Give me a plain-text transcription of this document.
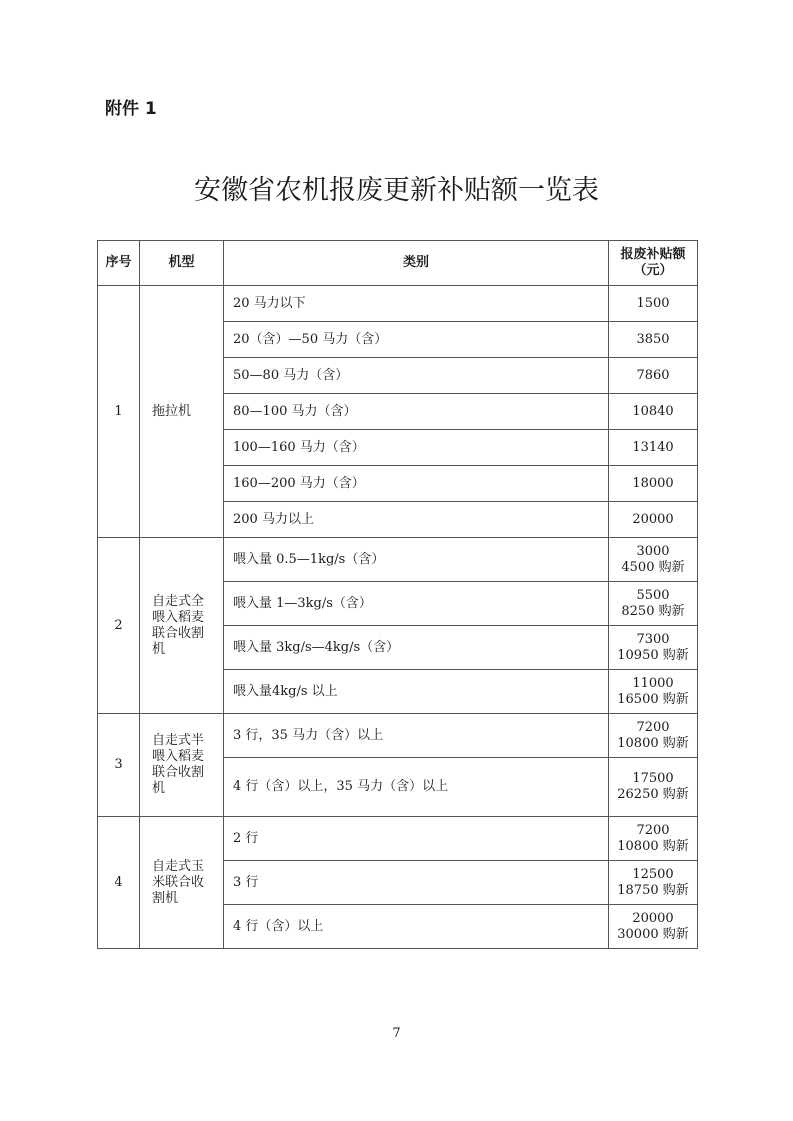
附件 1
安徽省农机报废更新补贴额一览表
序号	机型	类别	报废补贴额
（元）

1	拖拉机	20 马力以下	1500

		20（含）—50 马力（含）	3850

		50—80 马力（含）	7860

		80—100 马力（含）	10840

		100—160 马力（含）	13140

		160—200 马力（含）	18000

		200 马力以上	20000

2	自走式全喂入稻麦联合收割机	喂入量 0.5—1kg/s（含）	3000
4500 购新

		喂入量 1—3kg/s（含）	5500
8250 购新

		喂入量 3kg/s—4kg/s（含）	7300
10950 购新

		喂入量4kg/s 以上	11000
16500 购新

3	自走式半喂入稻麦联合收割机	3 行，35 马力（含）以上	7200
10800 购新

		4 行（含）以上，35 马力（含）以上	17500
26250 购新

4	自走式玉米联合收割机	2 行	7200
10800 购新

		3 行	12500
18750 购新

		4 行（含）以上	20000
30000 购新
7
